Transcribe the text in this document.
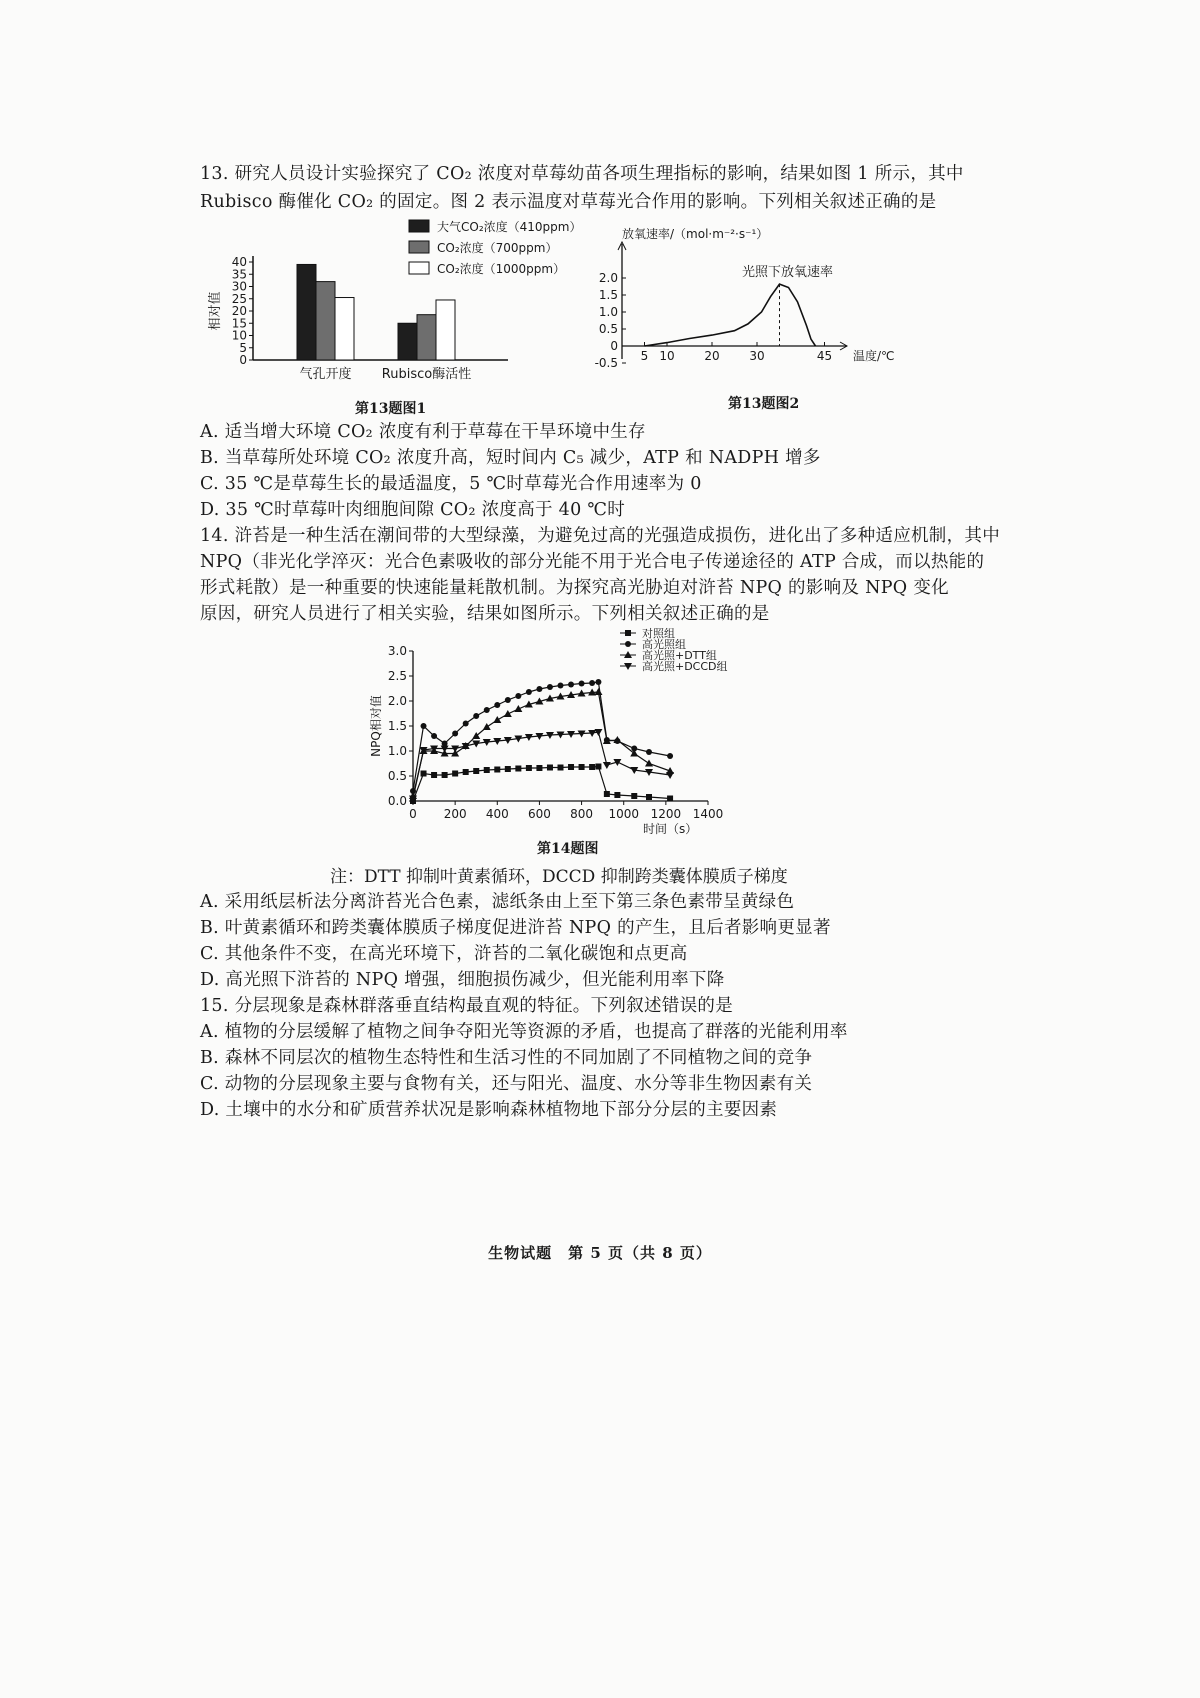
13. 研究人员设计实验探究了 CO₂ 浓度对草莓幼苗各项生理指标的影响，结果如图 1 所示，其中
Rubisco 酶催化 CO₂ 的固定。图 2 表示温度对草莓光合作用的影响。下列相关叙述正确的是
0
5
10
15
20
25
30
35
40
相对值
气孔开度 Rubisco酶活性
大气CO₂浓度（410ppm）
CO₂浓度（700ppm）
CO₂浓度（1000ppm）
-0.5
0
0.5
1.0
1.5
2.0
5 10 20 30	45
放氧速率/（mol·m⁻²·s⁻¹）
温度/℃
光照下放氧速率
第13题图1	第13题图2
A. 适当增大环境 CO₂ 浓度有利于草莓在干旱环境中生存
B. 当草莓所处环境 CO₂ 浓度升高，短时间内 C₅ 减少，ATP 和 NADPH 增多
C. 35 ℃是草莓生长的最适温度，5 ℃时草莓光合作用速率为 0
D. 35 ℃时草莓叶肉细胞间隙 CO₂ 浓度高于 40 ℃时
14. 浒苔是一种生活在潮间带的大型绿藻，为避免过高的光强造成损伤，进化出了多种适应机制，其中
NPQ（非光化学淬灭：光合色素吸收的部分光能不用于光合电子传递途径的 ATP 合成，而以热能的
形式耗散）是一种重要的快速能量耗散机制。为探究高光胁迫对浒苔 NPQ 的影响及 NPQ 变化
原因，研究人员进行了相关实验，结果如图所示。下列相关叙述正确的是
0.0
0.5
1.0
1.5
2.0
2.5
3.0
0 200 400 600 800 1000 1200 1400
NPQ相对值
时间（s）
对照组
高光照组
高光照+DTT组
高光照+DCCD组
第14题图
注：DTT 抑制叶黄素循环，DCCD 抑制跨类囊体膜质子梯度
A. 采用纸层析法分离浒苔光合色素，滤纸条由上至下第三条色素带呈黄绿色
B. 叶黄素循环和跨类囊体膜质子梯度促进浒苔 NPQ 的产生，且后者影响更显著
C. 其他条件不变，在高光环境下，浒苔的二氧化碳饱和点更高
D. 高光照下浒苔的 NPQ 增强，细胞损伤减少，但光能利用率下降
15. 分层现象是森林群落垂直结构最直观的特征。下列叙述错误的是
A. 植物的分层缓解了植物之间争夺阳光等资源的矛盾，也提高了群落的光能利用率
B. 森林不同层次的植物生态特性和生活习性的不同加剧了不同植物之间的竞争
C. 动物的分层现象主要与食物有关，还与阳光、温度、水分等非生物因素有关
D. 土壤中的水分和矿质营养状况是影响森林植物地下部分分层的主要因素
生物试题　第 5 页（共 8 页）
